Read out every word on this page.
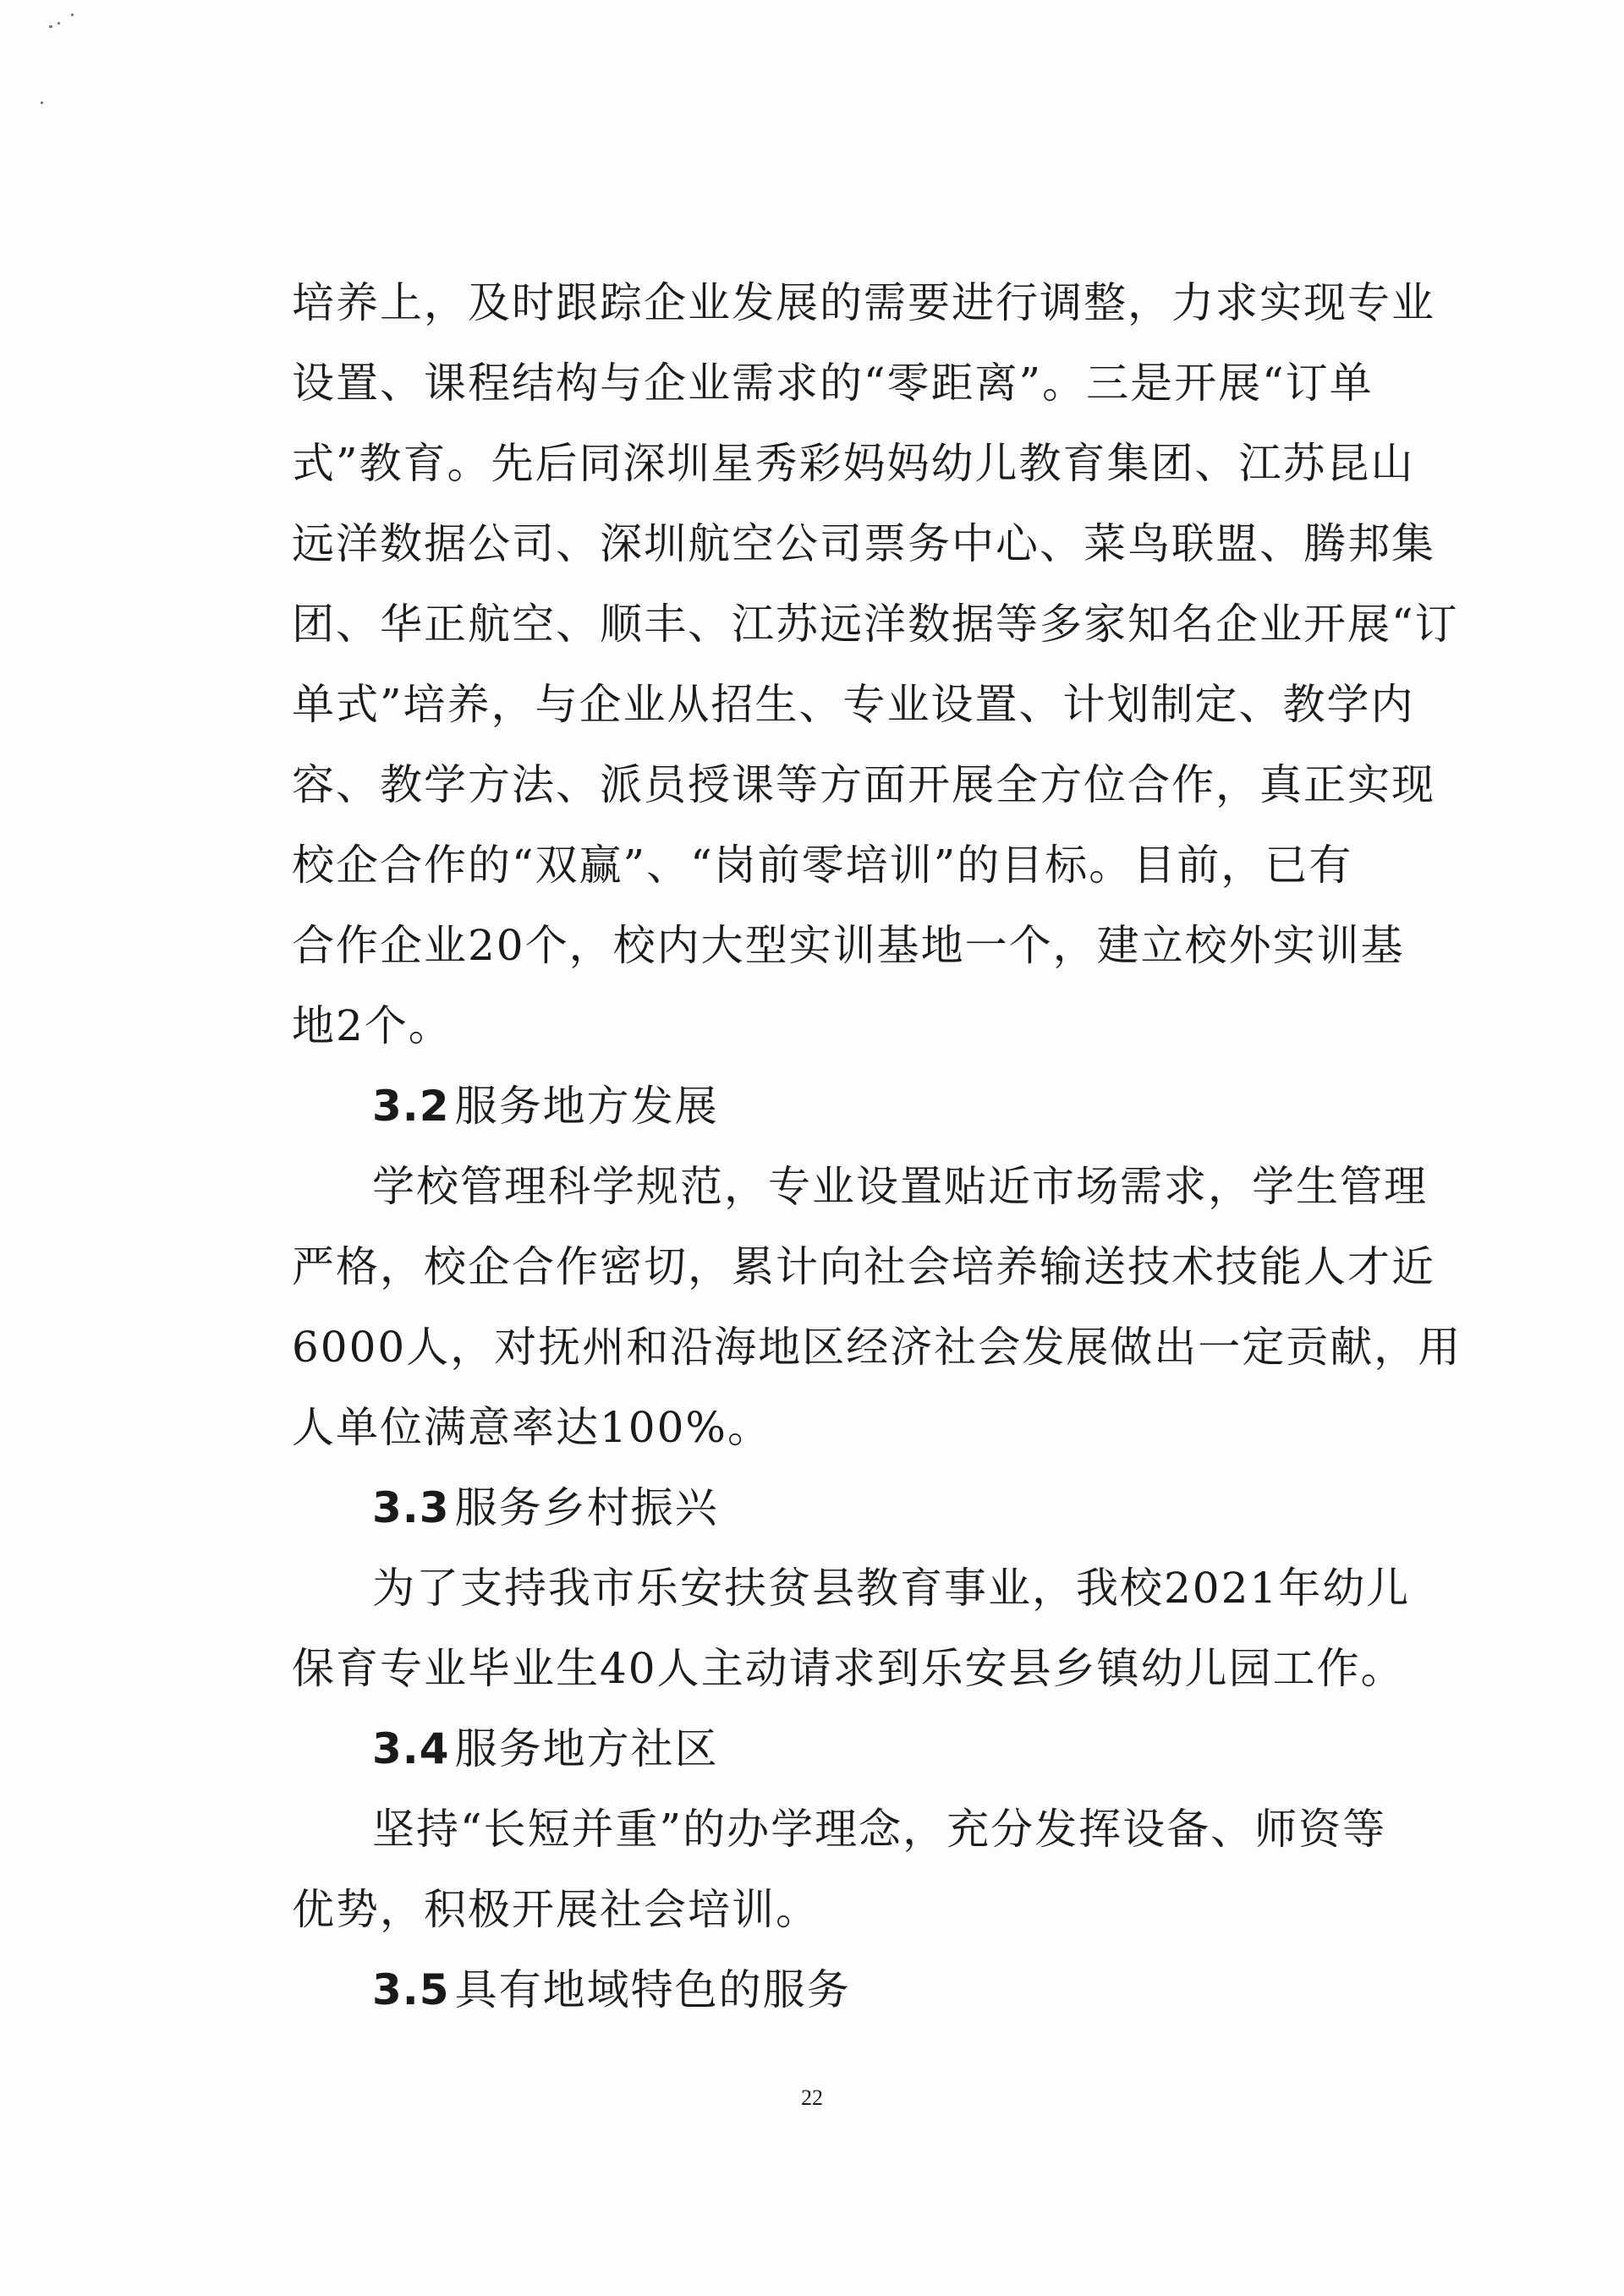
培养上，及时跟踪企业发展的需要进行调整，力求实现专业
设置、课程结构与企业需求的“零距离”。三是开展“订单
式”教育。先后同深圳星秀彩妈妈幼儿教育集团、江苏昆山
远洋数据公司、深圳航空公司票务中心、菜鸟联盟、腾邦集
团、华正航空、顺丰、江苏远洋数据等多家知名企业开展“订
单式”培养，与企业从招生、专业设置、计划制定、教学内
容、教学方法、派员授课等方面开展全方位合作，真正实现
校企合作的“双赢”、“岗前零培训”的目标。目前，已有
合作企业20个，校内大型实训基地一个，建立校外实训基
地2个。
3.2 服务地方发展
学校管理科学规范，专业设置贴近市场需求，学生管理
严格，校企合作密切，累计向社会培养输送技术技能人才近
6000人，对抚州和沿海地区经济社会发展做出一定贡献，用
人单位满意率达100%。
3.3 服务乡村振兴
为了支持我市乐安扶贫县教育事业，我校2021年幼儿
保育专业毕业生40人主动请求到乐安县乡镇幼儿园工作。
3.4 服务地方社区
坚持“长短并重”的办学理念，充分发挥设备、师资等
优势，积极开展社会培训。
3.5 具有地域特色的服务
22
